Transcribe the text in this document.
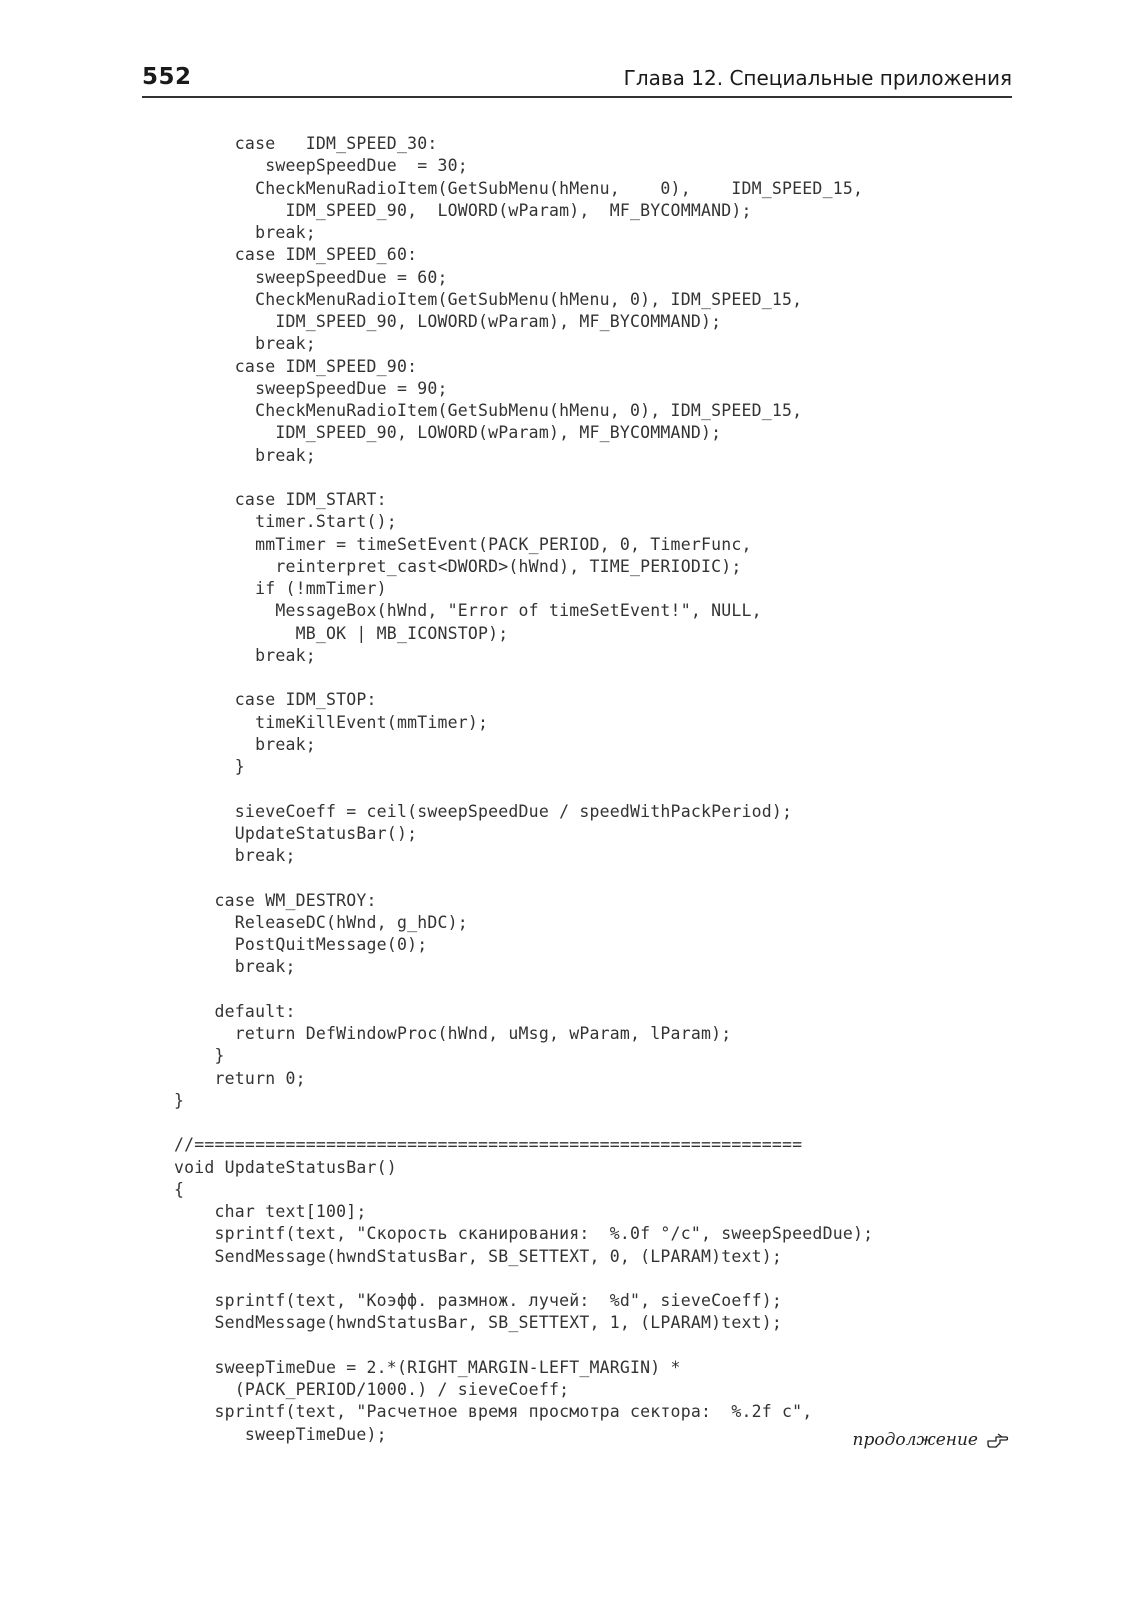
552	Глава 12. Специальные приложения
case   IDM_SPEED_30:
sweepSpeedDue  = 30;
CheckMenuRadioItem(GetSubMenu(hMenu,    0),    IDM_SPEED_15,
IDM_SPEED_90,  LOWORD(wParam),  MF_BYCOMMAND);
break;
case IDM_SPEED_60:
sweepSpeedDue = 60;
CheckMenuRadioItem(GetSubMenu(hMenu, 0), IDM_SPEED_15,
IDM_SPEED_90, LOWORD(wParam), MF_BYCOMMAND);
break;
case IDM_SPEED_90:
sweepSpeedDue = 90;
CheckMenuRadioItem(GetSubMenu(hMenu, 0), IDM_SPEED_15,
IDM_SPEED_90, LOWORD(wParam), MF_BYCOMMAND);
break;
case IDM_START:
timer.Start();
mmTimer = timeSetEvent(PACK_PERIOD, 0, TimerFunc,
reinterpret_cast<DWORD>(hWnd), TIME_PERIODIC);
if (!mmTimer)
MessageBox(hWnd, "Error of timeSetEvent!", NULL,
MB_OK | MB_ICONSTOP);
break;
case IDM_STOP:
timeKillEvent(mmTimer);
break;
}
sieveCoeff = ceil(sweepSpeedDue / speedWithPackPeriod);
UpdateStatusBar();
break;
case WM_DESTROY:
ReleaseDC(hWnd, g_hDC);
PostQuitMessage(0);
break;
default:
return DefWindowProc(hWnd, uMsg, wParam, lParam);
}
return 0;
}
//============================================================
void UpdateStatusBar()
{
char text[100];
sprintf(text, "Скорость сканирования:  %.0f °/c", sweepSpeedDue);
SendMessage(hwndStatusBar, SB_SETTEXT, 0, (LPARAM)text);
sprintf(text, "Коэфф. размнож. лучей:  %d", sieveCoeff);
SendMessage(hwndStatusBar, SB_SETTEXT, 1, (LPARAM)text);
sweepTimeDue = 2.*(RIGHT_MARGIN-LEFT_MARGIN) *
(PACK_PERIOD/1000.) / sieveCoeff;
sprintf(text, "Расчетное время просмотра сектора:  %.2f c",
sweepTimeDue);	продолжение
